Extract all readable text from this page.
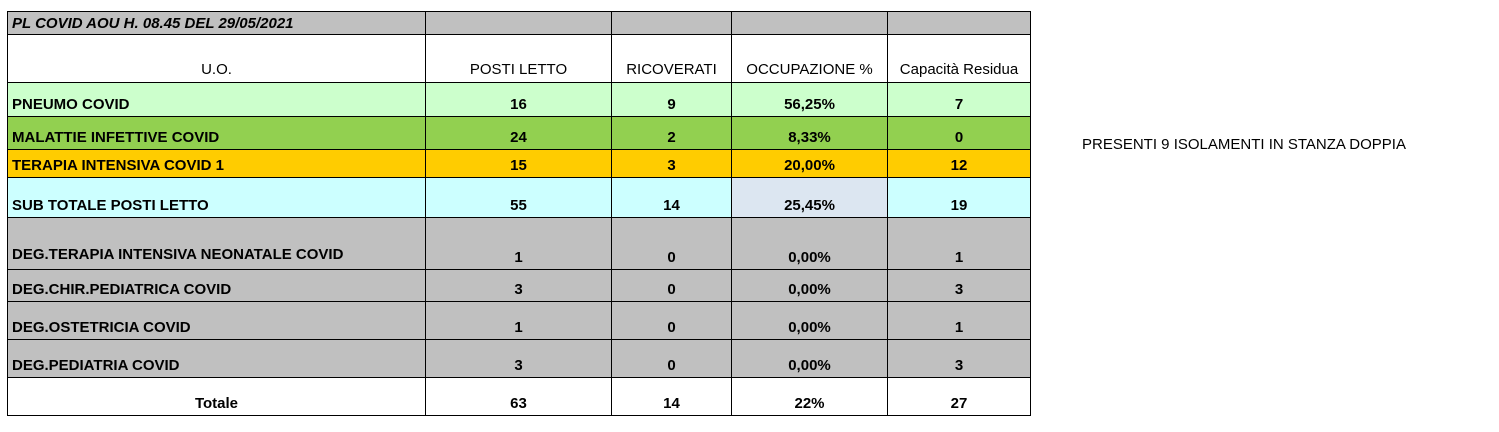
PL COVID AOU H. 08.45 DEL 29/05/2021				
U.O.	POSTI LETTO	RICOVERATI	OCCUPAZIONE %	Capacità Residua
PNEUMO COVID	16	9	56,25%	7
MALATTIE INFETTIVE COVID	24	2	8,33%	0
TERAPIA INTENSIVA COVID 1	15	3	20,00%	12
SUB TOTALE POSTI LETTO	55	14	25,45%	19
DEG.TERAPIA INTENSIVA NEONATALE COVID	1	0	0,00%	1
DEG.CHIR.PEDIATRICA COVID	3	0	0,00%	3
DEG.OSTETRICIA COVID	1	0	0,00%	1
DEG.PEDIATRIA COVID	3	0	0,00%	3
Totale	63	14	22%	27
PRESENTI 9 ISOLAMENTI IN STANZA DOPPIA
